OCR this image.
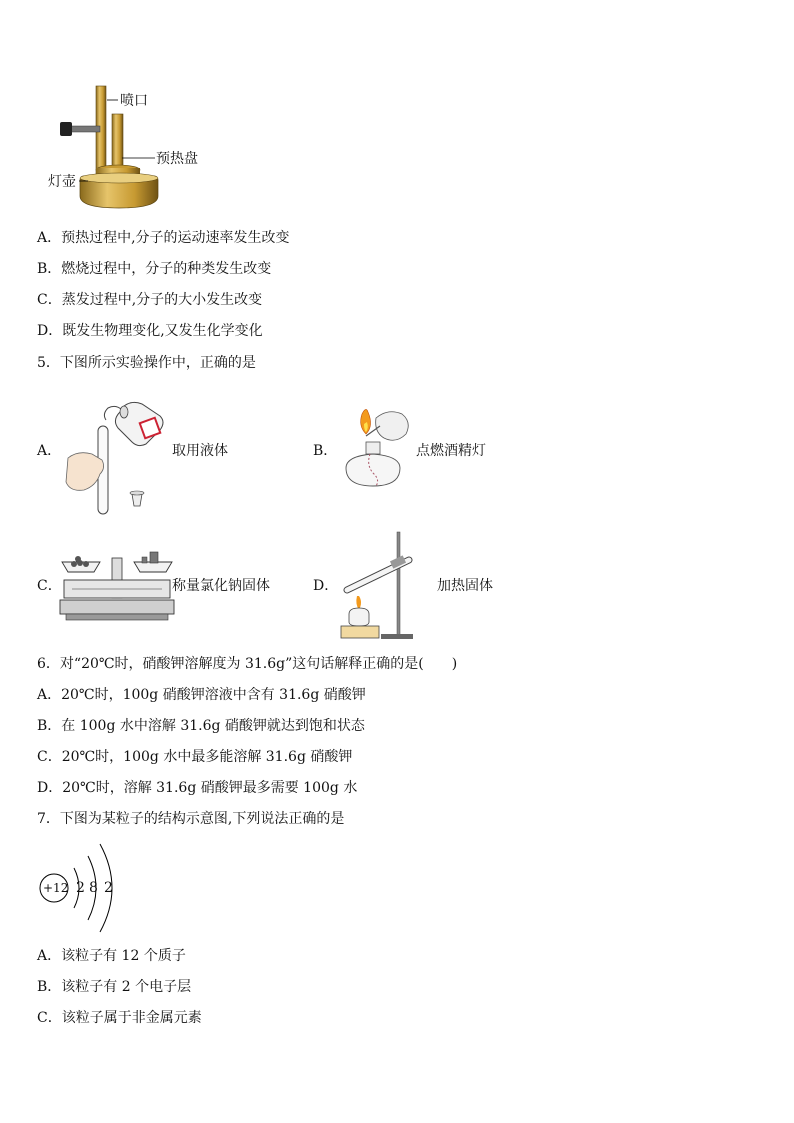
喷口
预热盘
灯壶
A．预热过程中,分子的运动速率发生改变
B．燃烧过程中，分子的种类发生改变
C．蒸发过程中,分子的大小发生改变
D．既发生物理变化,又发生化学变化
5．下图所示实验操作中，正确的是
A．	取用液体	B．	点燃酒精灯
C．	称量氯化钠固体	D．	加热固体
6．对“20℃时，硝酸钾溶解度为 31.6g”这句话解释正确的是(　　)
A．20℃时，100g 硝酸钾溶液中含有 31.6g 硝酸钾
B．在 100g 水中溶解 31.6g 硝酸钾就达到饱和状态
C．20℃时，100g 水中最多能溶解 31.6g 硝酸钾
D．20℃时，溶解 31.6g 硝酸钾最多需要 100g 水
7．下图为某粒子的结构示意图,下列说法正确的是
+12 2 8 2
A．该粒子有 12 个质子
B．该粒子有 2 个电子层
C．该粒子属于非金属元素
